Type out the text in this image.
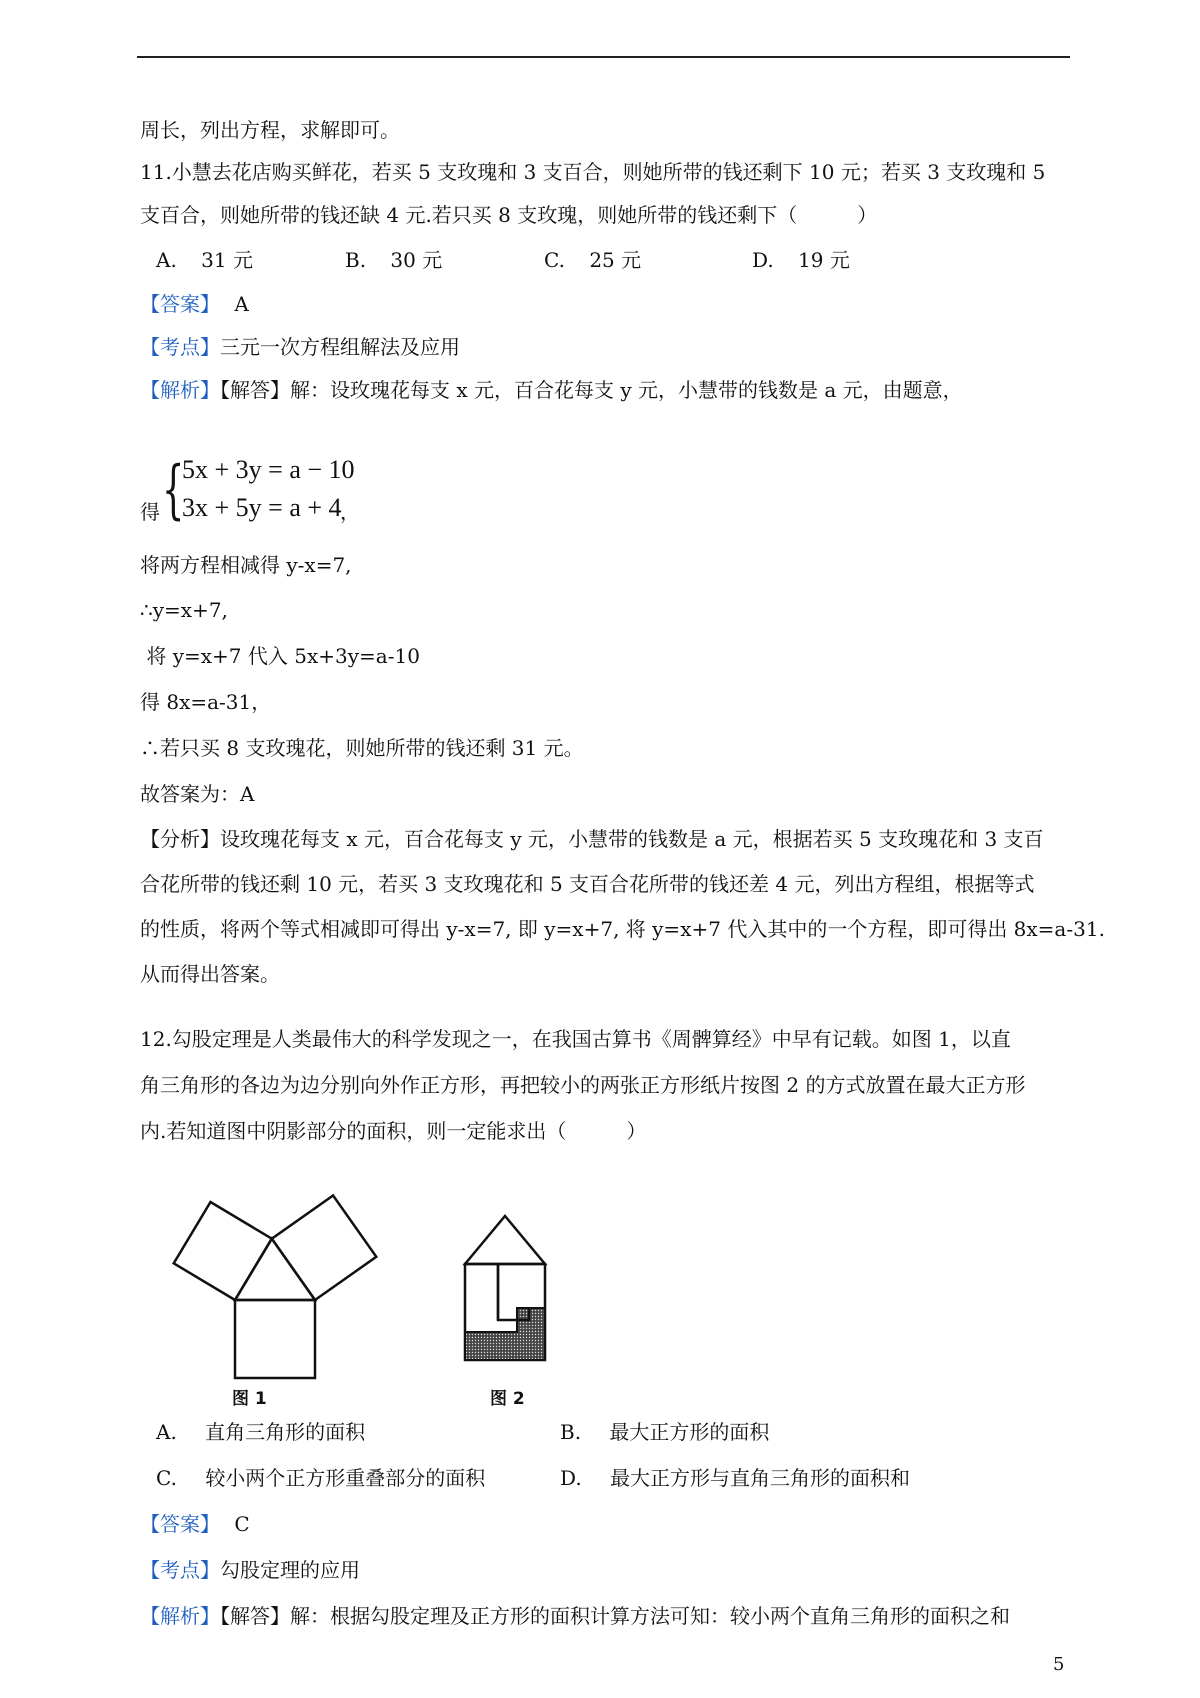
周长，列出方程，求解即可。
11.小慧去花店购买鲜花，若买 5 支玫瑰和 3 支百合，则她所带的钱还剩下 10 元；若买 3 支玫瑰和 5
支百合，则她所带的钱还缺 4 元.若只买 8 支玫瑰，则她所带的钱还剩下（　　　）
A. 31 元	B. 30 元	C. 25 元	D. 19 元
【答案】 A
【考点】三元一次方程组解法及应用
【解析】【解答】解：设玫瑰花每支 x 元，百合花每支 y 元，小慧带的钱数是 a 元，由题意，
得 {
5x + 3y = a − 10
3x + 5y = a + 4
，
将两方程相减得 y-x=7,
∴y=x+7,
将 y=x+7 代入 5x+3y=a-10
得 8x=a-31，
∴若只买 8 支玫瑰花，则她所带的钱还剩 31 元。
故答案为：A
【分析】设玫瑰花每支 x 元，百合花每支 y 元，小慧带的钱数是 a 元，根据若买 5 支玫瑰花和 3 支百
合花所带的钱还剩 10 元，若买 3 支玫瑰花和 5 支百合花所带的钱还差 4 元，列出方程组，根据等式
的性质，将两个等式相减即可得出 y-x=7, 即 y=x+7, 将 y=x+7 代入其中的一个方程，即可得出 8x=a-31.
从而得出答案。
12.勾股定理是人类最伟大的科学发现之一，在我国古算书《周髀算经》中早有记载。如图 1，以直
角三角形的各边为边分别向外作正方形，再把较小的两张正方形纸片按图 2 的方式放置在最大正方形
内.若知道图中阴影部分的面积，则一定能求出（　　　）
图 1	图 2
A. 直角三角形的面积	B. 最大正方形的面积
C. 较小两个正方形重叠部分的面积	D. 最大正方形与直角三角形的面积和
【答案】 C
【考点】勾股定理的应用
【解析】【解答】解：根据勾股定理及正方形的面积计算方法可知：较小两个直角三角形的面积之和
5
